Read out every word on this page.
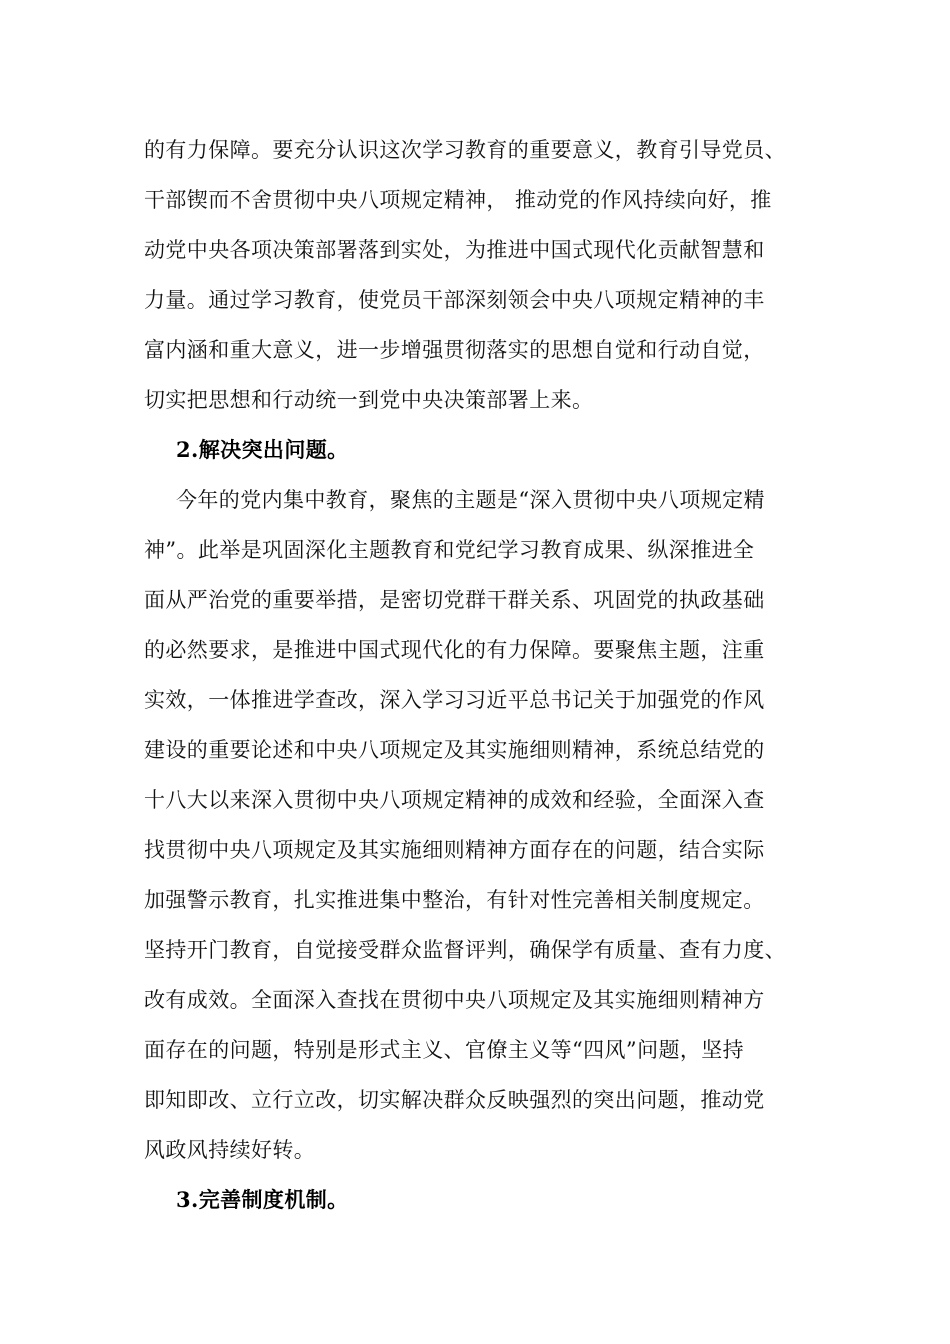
的有力保障。要充分认识这次学习教育的重要意义，教育引导党员、
干部锲而不舍贯彻中央八项规定精神， 推动党的作风持续向好，推
动党中央各项决策部署落到实处，为推进中国式现代化贡献智慧和
力量。通过学习教育，使党员干部深刻领会中央八项规定精神的丰
富内涵和重大意义，进一步增强贯彻落实的思想自觉和行动自觉，
切实把思想和行动统一到党中央决策部署上来。
2.解决突出问题。
今年的党内集中教育，聚焦的主题是“深入贯彻中央八项规定精
神”。此举是巩固深化主题教育和党纪学习教育成果、纵深推进全
面从严治党的重要举措，是密切党群干群关系、巩固党的执政基础
的必然要求，是推进中国式现代化的有力保障。要聚焦主题，注重
实效，一体推进学查改，深入学习习近平总书记关于加强党的作风
建设的重要论述和中央八项规定及其实施细则精神，系统总结党的
十八大以来深入贯彻中央八项规定精神的成效和经验，全面深入查
找贯彻中央八项规定及其实施细则精神方面存在的问题，结合实际
加强警示教育，扎实推进集中整治，有针对性完善相关制度规定。
坚持开门教育，自觉接受群众监督评判，确保学有质量、查有力度、
改有成效。全面深入查找在贯彻中央八项规定及其实施细则精神方
面存在的问题，特别是形式主义、官僚主义等“四风”问题，坚持
即知即改、立行立改，切实解决群众反映强烈的突出问题，推动党
风政风持续好转。
3.完善制度机制。
